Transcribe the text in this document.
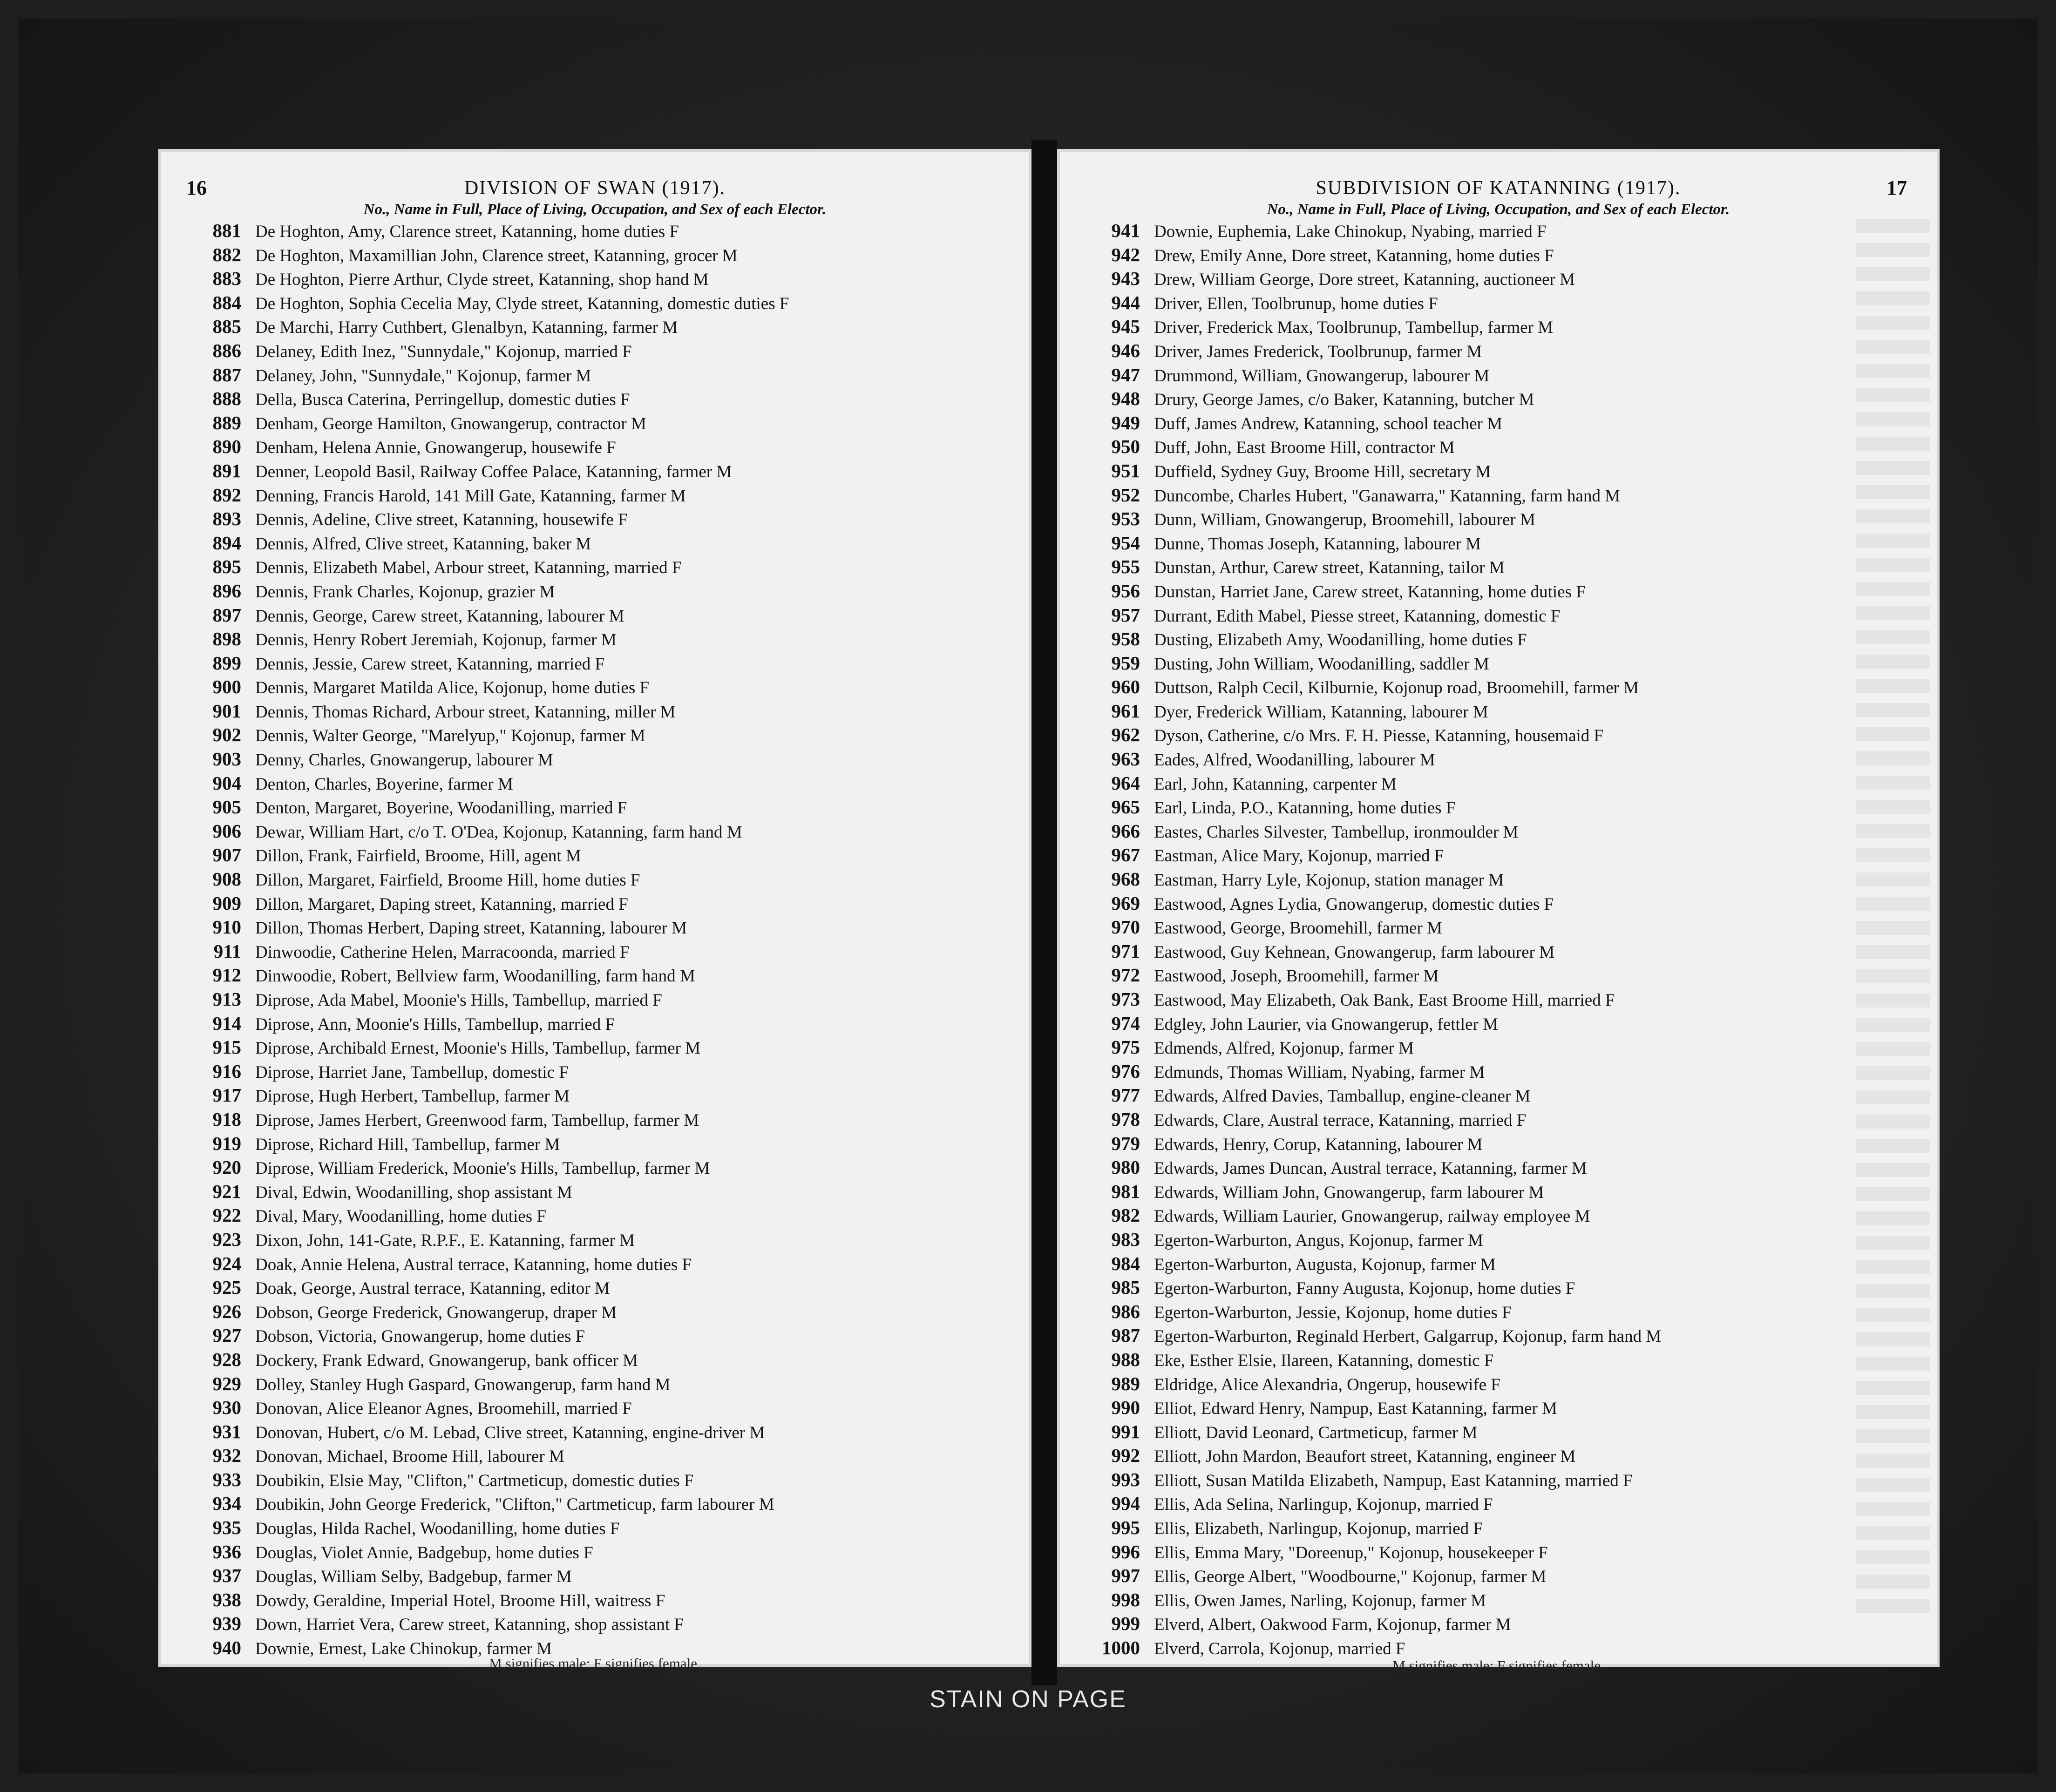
16	DIVISION OF SWAN (1917).
No., Name in Full, Place of Living, Occupation, and Sex of each Elector.
881 De Hoghton, Amy, Clarence street, Katanning, home duties F
882 De Hoghton, Maxamillian John, Clarence street, Katanning, grocer M
883 De Hoghton, Pierre Arthur, Clyde street, Katanning, shop hand M
884 De Hoghton, Sophia Cecelia May, Clyde street, Katanning, domestic duties F
885 De Marchi, Harry Cuthbert, Glenalbyn, Katanning, farmer M
886 Delaney, Edith Inez, "Sunnydale," Kojonup, married F
887 Delaney, John, "Sunnydale," Kojonup, farmer M
888 Della, Busca Caterina, Perringellup, domestic duties F
889 Denham, George Hamilton, Gnowangerup, contractor M
890 Denham, Helena Annie, Gnowangerup, housewife F
891 Denner, Leopold Basil, Railway Coffee Palace, Katanning, farmer M
892 Denning, Francis Harold, 141 Mill Gate, Katanning, farmer M
893 Dennis, Adeline, Clive street, Katanning, housewife F
894 Dennis, Alfred, Clive street, Katanning, baker M
895 Dennis, Elizabeth Mabel, Arbour street, Katanning, married F
896 Dennis, Frank Charles, Kojonup, grazier M
897 Dennis, George, Carew street, Katanning, labourer M
898 Dennis, Henry Robert Jeremiah, Kojonup, farmer M
899 Dennis, Jessie, Carew street, Katanning, married F
900 Dennis, Margaret Matilda Alice, Kojonup, home duties F
901 Dennis, Thomas Richard, Arbour street, Katanning, miller M
902 Dennis, Walter George, "Marelyup," Kojonup, farmer M
903 Denny, Charles, Gnowangerup, labourer M
904 Denton, Charles, Boyerine, farmer M
905 Denton, Margaret, Boyerine, Woodanilling, married F
906 Dewar, William Hart, c/o T. O'Dea, Kojonup, Katanning, farm hand M
907 Dillon, Frank, Fairfield, Broome, Hill, agent M
908 Dillon, Margaret, Fairfield, Broome Hill, home duties F
909 Dillon, Margaret, Daping street, Katanning, married F
910 Dillon, Thomas Herbert, Daping street, Katanning, labourer M
911 Dinwoodie, Catherine Helen, Marracoonda, married F
912 Dinwoodie, Robert, Bellview farm, Woodanilling, farm hand M
913 Diprose, Ada Mabel, Moonie's Hills, Tambellup, married F
914 Diprose, Ann, Moonie's Hills, Tambellup, married F
915 Diprose, Archibald Ernest, Moonie's Hills, Tambellup, farmer M
916 Diprose, Harriet Jane, Tambellup, domestic F
917 Diprose, Hugh Herbert, Tambellup, farmer M
918 Diprose, James Herbert, Greenwood farm, Tambellup, farmer M
919 Diprose, Richard Hill, Tambellup, farmer M
920 Diprose, William Frederick, Moonie's Hills, Tambellup, farmer M
921 Dival, Edwin, Woodanilling, shop assistant M
922 Dival, Mary, Woodanilling, home duties F
923 Dixon, John, 141-Gate, R.P.F., E. Katanning, farmer M
924 Doak, Annie Helena, Austral terrace, Katanning, home duties F
925 Doak, George, Austral terrace, Katanning, editor M
926 Dobson, George Frederick, Gnowangerup, draper M
927 Dobson, Victoria, Gnowangerup, home duties F
928 Dockery, Frank Edward, Gnowangerup, bank officer M
929 Dolley, Stanley Hugh Gaspard, Gnowangerup, farm hand M
930 Donovan, Alice Eleanor Agnes, Broomehill, married F
931 Donovan, Hubert, c/o M. Lebad, Clive street, Katanning, engine-driver M
932 Donovan, Michael, Broome Hill, labourer M
933 Doubikin, Elsie May, "Clifton," Cartmeticup, domestic duties F
934 Doubikin, John George Frederick, "Clifton," Cartmeticup, farm labourer M
935 Douglas, Hilda Rachel, Woodanilling, home duties F
936 Douglas, Violet Annie, Badgebup, home duties F
937 Douglas, William Selby, Badgebup, farmer M
938 Dowdy, Geraldine, Imperial Hotel, Broome Hill, waitress F
939 Down, Harriet Vera, Carew street, Katanning, shop assistant F
940 Downie, Ernest, Lake Chinokup, farmer M
M signifies male; F signifies female.
SUBDIVISION OF KATANNING (1917).	17
No., Name in Full, Place of Living, Occupation, and Sex of each Elector.
941 Downie, Euphemia, Lake Chinokup, Nyabing, married F
942 Drew, Emily Anne, Dore street, Katanning, home duties F
943 Drew, William George, Dore street, Katanning, auctioneer M
944 Driver, Ellen, Toolbrunup, home duties F
945 Driver, Frederick Max, Toolbrunup, Tambellup, farmer M
946 Driver, James Frederick, Toolbrunup, farmer M
947 Drummond, William, Gnowangerup, labourer M
948 Drury, George James, c/o Baker, Katanning, butcher M
949 Duff, James Andrew, Katanning, school teacher M
950 Duff, John, East Broome Hill, contractor M
951 Duffield, Sydney Guy, Broome Hill, secretary M
952 Duncombe, Charles Hubert, "Ganawarra," Katanning, farm hand M
953 Dunn, William, Gnowangerup, Broomehill, labourer M
954 Dunne, Thomas Joseph, Katanning, labourer M
955 Dunstan, Arthur, Carew street, Katanning, tailor M
956 Dunstan, Harriet Jane, Carew street, Katanning, home duties F
957 Durrant, Edith Mabel, Piesse street, Katanning, domestic F
958 Dusting, Elizabeth Amy, Woodanilling, home duties F
959 Dusting, John William, Woodanilling, saddler M
960 Duttson, Ralph Cecil, Kilburnie, Kojonup road, Broomehill, farmer M
961 Dyer, Frederick William, Katanning, labourer M
962 Dyson, Catherine, c/o Mrs. F. H. Piesse, Katanning, housemaid F
963 Eades, Alfred, Woodanilling, labourer M
964 Earl, John, Katanning, carpenter M
965 Earl, Linda, P.O., Katanning, home duties F
966 Eastes, Charles Silvester, Tambellup, ironmoulder M
967 Eastman, Alice Mary, Kojonup, married F
968 Eastman, Harry Lyle, Kojonup, station manager M
969 Eastwood, Agnes Lydia, Gnowangerup, domestic duties F
970 Eastwood, George, Broomehill, farmer M
971 Eastwood, Guy Kehnean, Gnowangerup, farm labourer M
972 Eastwood, Joseph, Broomehill, farmer M
973 Eastwood, May Elizabeth, Oak Bank, East Broome Hill, married F
974 Edgley, John Laurier, via Gnowangerup, fettler M
975 Edmends, Alfred, Kojonup, farmer M
976 Edmunds, Thomas William, Nyabing, farmer M
977 Edwards, Alfred Davies, Tamballup, engine-cleaner M
978 Edwards, Clare, Austral terrace, Katanning, married F
979 Edwards, Henry, Corup, Katanning, labourer M
980 Edwards, James Duncan, Austral terrace, Katanning, farmer M
981 Edwards, William John, Gnowangerup, farm labourer M
982 Edwards, William Laurier, Gnowangerup, railway employee M
983 Egerton-Warburton, Angus, Kojonup, farmer M
984 Egerton-Warburton, Augusta, Kojonup, farmer M
985 Egerton-Warburton, Fanny Augusta, Kojonup, home duties F
986 Egerton-Warburton, Jessie, Kojonup, home duties F
987 Egerton-Warburton, Reginald Herbert, Galgarrup, Kojonup, farm hand M
988 Eke, Esther Elsie, Ilareen, Katanning, domestic F
989 Eldridge, Alice Alexandria, Ongerup, housewife F
990 Elliot, Edward Henry, Nampup, East Katanning, farmer M
991 Elliott, David Leonard, Cartmeticup, farmer M
992 Elliott, John Mardon, Beaufort street, Katanning, engineer M
993 Elliott, Susan Matilda Elizabeth, Nampup, East Katanning, married F
994 Ellis, Ada Selina, Narlingup, Kojonup, married F
995 Ellis, Elizabeth, Narlingup, Kojonup, married F
996 Ellis, Emma Mary, "Doreenup," Kojonup, housekeeper F
997 Ellis, George Albert, "Woodbourne," Kojonup, farmer M
998 Ellis, Owen James, Narling, Kojonup, farmer M
999 Elverd, Albert, Oakwood Farm, Kojonup, farmer M
1000 Elverd, Carrola, Kojonup, married F
M signifies male; F signifies female.
STAIN ON PAGE
